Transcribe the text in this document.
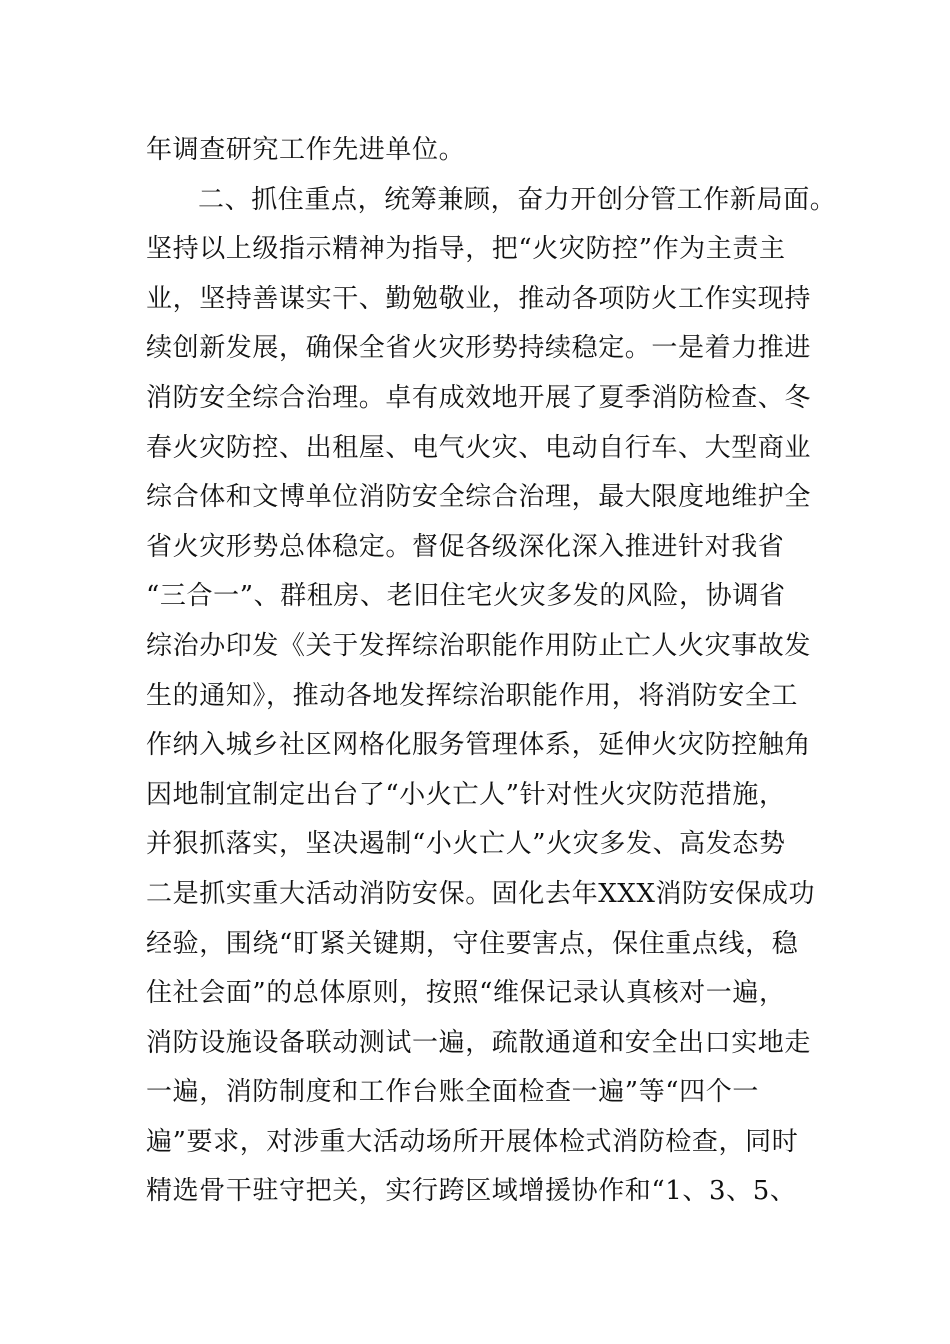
年调查研究工作先进单位。
二、抓住重点，统筹兼顾，奋力开创分管工作新局面。
坚持以上级指示精神为指导，把“火灾防控”作为主责主
业，坚持善谋实干、勤勉敬业，推动各项防火工作实现持
续创新发展，确保全省火灾形势持续稳定。一是着力推进
消防安全综合治理。卓有成效地开展了夏季消防检查、冬
春火灾防控、出租屋、电气火灾、电动自行车、大型商业
综合体和文博单位消防安全综合治理，最大限度地维护全
省火灾形势总体稳定。督促各级深化深入推进针对我省
“三合一”、群租房、老旧住宅火灾多发的风险，协调省
综治办印发《关于发挥综治职能作用防止亡人火灾事故发
生的通知》，推动各地发挥综治职能作用，将消防安全工
作纳入城乡社区网格化服务管理体系，延伸火灾防控触角
因地制宜制定出台了“小火亡人”针对性火灾防范措施，
并狠抓落实，坚决遏制“小火亡人”火灾多发、高发态势
二是抓实重大活动消防安保。固化去年XXX消防安保成功
经验，围绕“盯紧关键期，守住要害点，保住重点线，稳
住社会面”的总体原则，按照“维保记录认真核对一遍，
消防设施设备联动测试一遍，疏散通道和安全出口实地走
一遍，消防制度和工作台账全面检查一遍”等“四个一
遍”要求，对涉重大活动场所开展体检式消防检查，同时
精选骨干驻守把关，实行跨区域增援协作和“1、3、5、
